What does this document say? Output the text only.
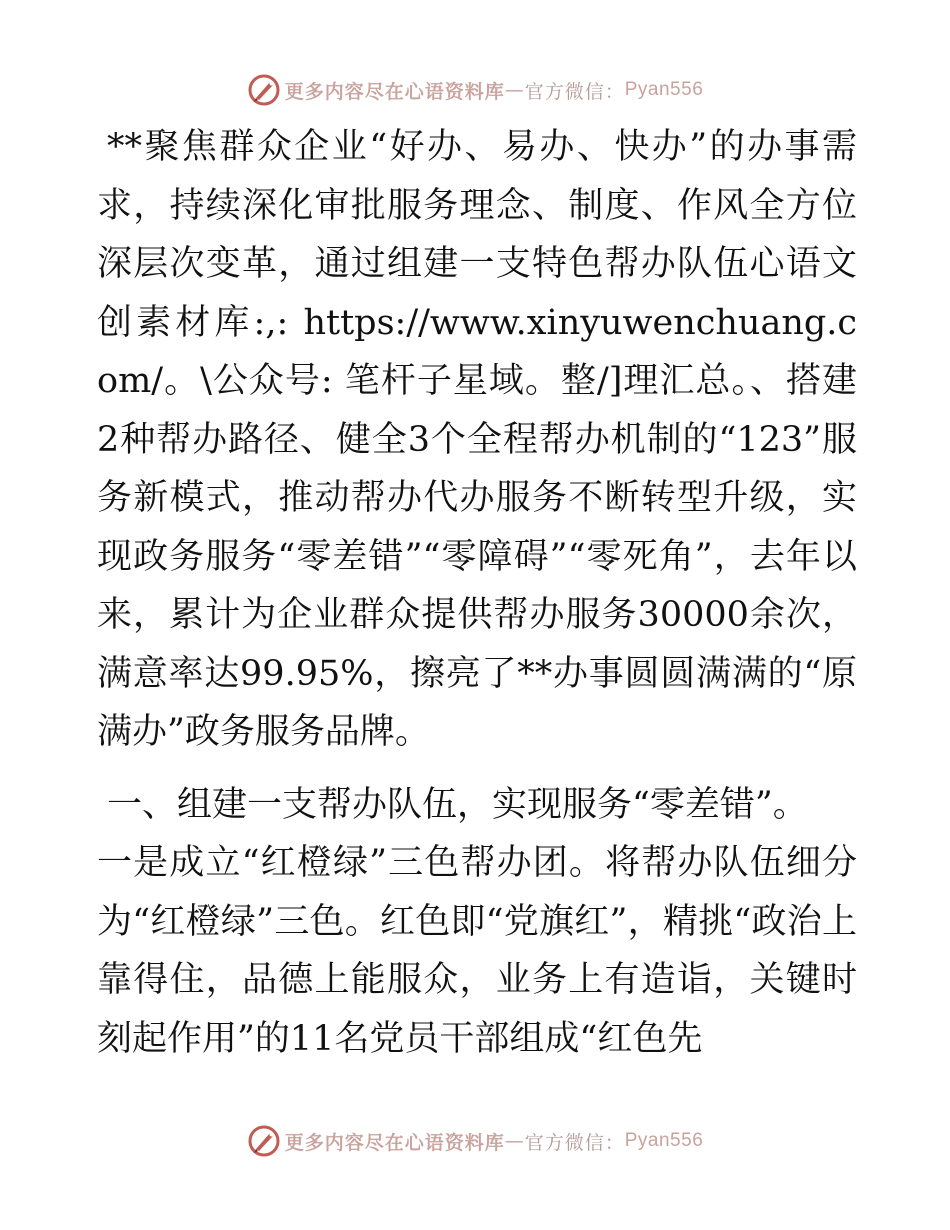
更多内容尽在心语资料库 — 官方微信： Pyan556

**聚焦群众企业“好办、易办、快办”的办事需求，持续深化审批服务理念、制度、作风全方位深层次变革，通过组建一支特色帮办队伍心语文创素材库:,: https://www.xinyuwenchuang.com/。\公众号: 笔杆子星域。整/]理汇总。、搭建2种帮办路径、健全3个全程帮办机制的“123”服务新模式，推动帮办代办服务不断转型升级，实现政务服务“零差错”“零障碍”“零死角”，去年以来，累计为企业群众提供帮办服务30000余次，满意率达99.95%，擦亮了**办事圆圆满满的“原满办”政务服务品牌。

一、组建一支帮办队伍，实现服务“零差错”。

一是成立“红橙绿”三色帮办团。将帮办队伍细分为“红橙绿”三色。红色即“党旗红”，精挑“政治上靠得住，品德上能服众，业务上有造诣，关键时刻起作用”的11名党员干部组成“红色先

更多内容尽在心语资料库 — 官方微信： Pyan556
